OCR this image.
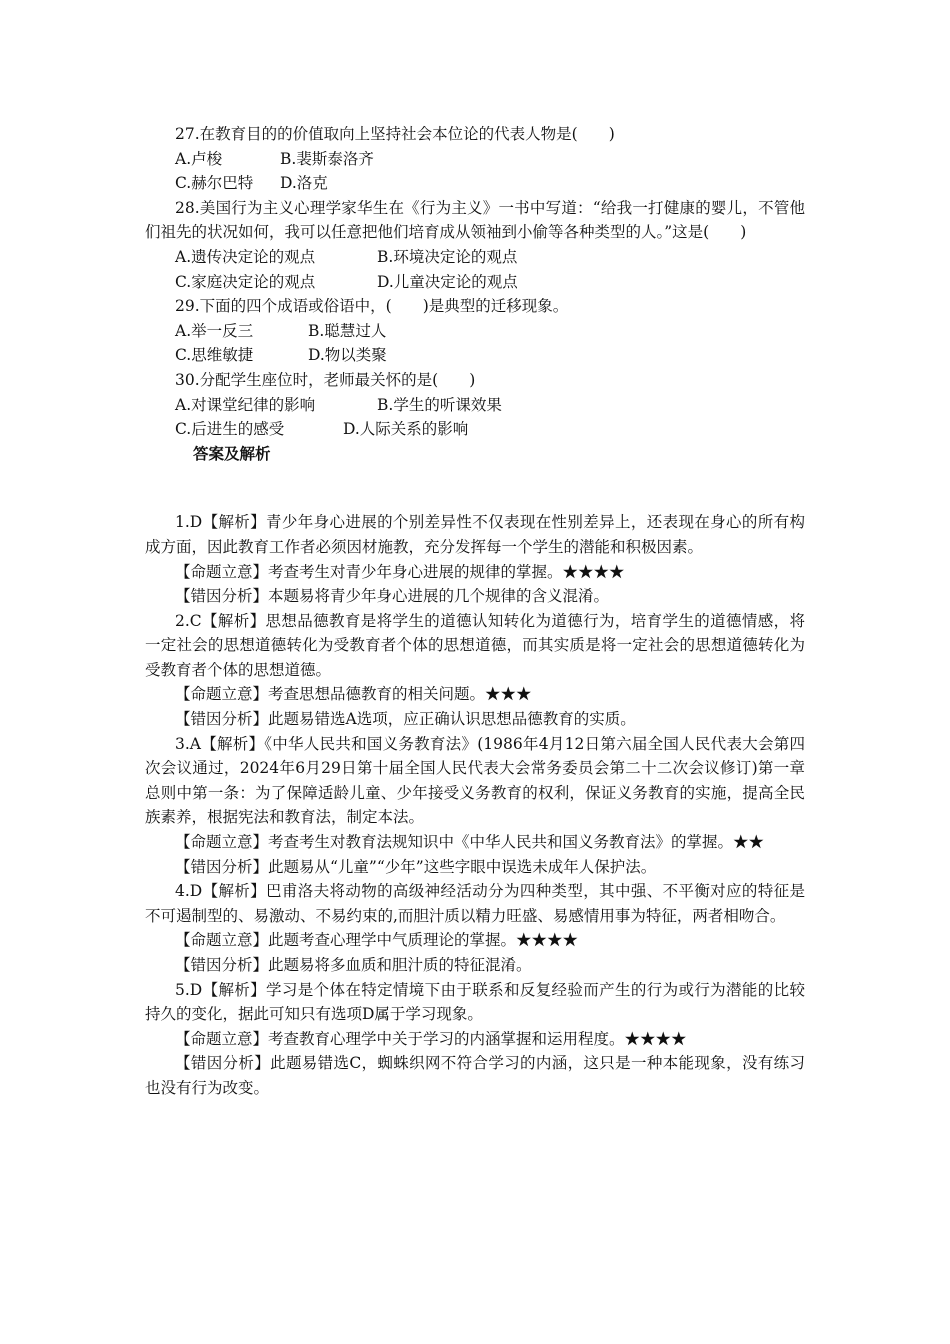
27.在教育目的的价值取向上坚持社会本位论的代表人物是(　　)
A.卢梭	B.裴斯泰洛齐
C.赫尔巴特	D.洛克
28.美国行为主义心理学家华生在《行为主义》一书中写道：“给我一打健康的婴儿，不管他们祖先的状况如何，我可以任意把他们培育成从领袖到小偷等各种类型的人。”这是(　　)
A.遗传决定论的观点	B.环境决定论的观点
C.家庭决定论的观点	D.儿童决定论的观点
29.下面的四个成语或俗语中，(　　)是典型的迁移现象。
A.举一反三	B.聪慧过人
C.思维敏捷	D.物以类聚
30.分配学生座位时，老师最关怀的是(　　)
A.对课堂纪律的影响	B.学生的听课效果
C.后进生的感受	D.人际关系的影响
答案及解析
1.D【解析】青少年身心进展的个别差异性不仅表现在性别差异上，还表现在身心的所有构成方面，因此教育工作者必须因材施教，充分发挥每一个学生的潜能和积极因素。
【命题立意】考查考生对青少年身心进展的规律的掌握。★★★★
【错因分析】本题易将青少年身心进展的几个规律的含义混淆。
2.C【解析】思想品德教育是将学生的道德认知转化为道德行为，培育学生的道德情感，将一定社会的思想道德转化为受教育者个体的思想道德，而其实质是将一定社会的思想道德转化为受教育者个体的思想道德。
【命题立意】考查思想品德教育的相关问题。★★★
【错因分析】此题易错选A选项，应正确认识思想品德教育的实质。
3.A【解析】《中华人民共和国义务教育法》(1986年4月12日第六届全国人民代表大会第四次会议通过，2024年6月29日第十届全国人民代表大会常务委员会第二十二次会议修订)第一章总则中第一条：为了保障适龄儿童、少年接受义务教育的权利，保证义务教育的实施，提高全民族素养，根据宪法和教育法，制定本法。
【命题立意】考查考生对教育法规知识中《中华人民共和国义务教育法》的掌握。★★
【错因分析】此题易从“儿童”“少年”这些字眼中误选未成年人保护法。
4.D【解析】巴甫洛夫将动物的高级神经活动分为四种类型，其中强、不平衡对应的特征是不可遏制型的、易激动、不易约束的,而胆汁质以精力旺盛、易感情用事为特征，两者相吻合。
【命题立意】此题考查心理学中气质理论的掌握。★★★★
【错因分析】此题易将多血质和胆汁质的特征混淆。
5.D【解析】学习是个体在特定情境下由于联系和反复经验而产生的行为或行为潜能的比较持久的变化，据此可知只有选项D属于学习现象。
【命题立意】考查教育心理学中关于学习的内涵掌握和运用程度。★★★★
【错因分析】此题易错选C，蜘蛛织网不符合学习的内涵，这只是一种本能现象，没有练习也没有行为改变。
